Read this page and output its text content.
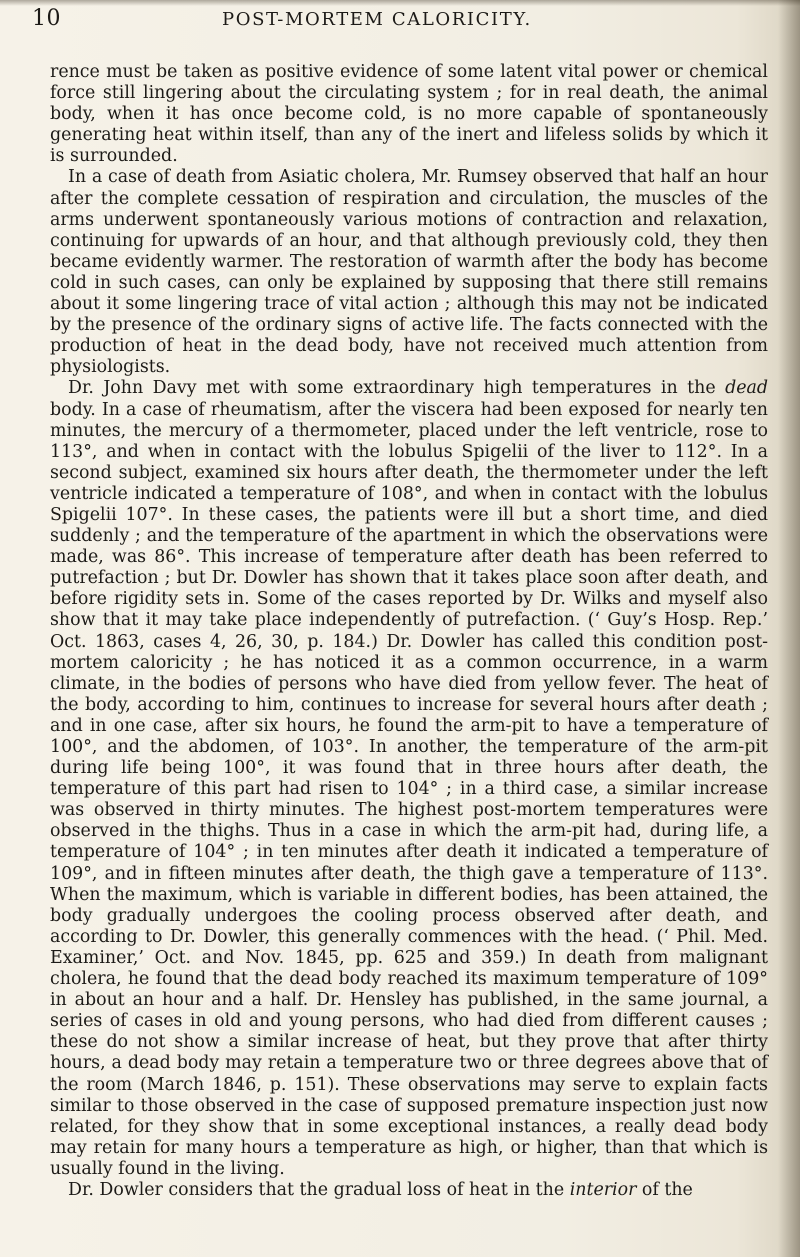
10	POST-MORTEM CALORICITY.

rence must be taken as positive evidence of some latent vital power or chemical force still lingering about the circulating system ; for in real death, the animal body, when it has once become cold, is no more capable of spontaneously generating heat within itself, than any of the inert and lifeless solids by which it is surrounded.

In a case of death from Asiatic cholera, Mr. Rumsey observed that half an hour after the complete cessation of respiration and circulation, the muscles of the arms underwent spontaneously various motions of contraction and relaxation, continuing for upwards of an hour, and that although previously cold, they then became evidently warmer. The restoration of warmth after the body has become cold in such cases, can only be explained by supposing that there still remains about it some lingering trace of vital action ; although this may not be indicated by the presence of the ordinary signs of active life. The facts connected with the production of heat in the dead body, have not received much attention from physiologists.

Dr. John Davy met with some extraordinary high temperatures in the dead body. In a case of rheumatism, after the viscera had been exposed for nearly ten minutes, the mercury of a thermometer, placed under the left ventricle, rose to 113°, and when in contact with the lobulus Spigelii of the liver to 112°. In a second subject, examined six hours after death, the thermometer under the left ventricle indicated a temperature of 108°, and when in contact with the lobulus Spigelii 107°. In these cases, the patients were ill but a short time, and died suddenly ; and the temperature of the apartment in which the observations were made, was 86°. This increase of temperature after death has been referred to putrefaction ; but Dr. Dowler has shown that it takes place soon after death, and before rigidity sets in. Some of the cases reported by Dr. Wilks and myself also show that it may take place independently of putrefaction. (‘ Guy’s Hosp. Rep.’ Oct. 1863, cases 4, 26, 30, p. 184.) Dr. Dowler has called this condition post-mortem caloricity ; he has noticed it as a common occurrence, in a warm climate, in the bodies of persons who have died from yellow fever. The heat of the body, according to him, continues to increase for several hours after death ; and in one case, after six hours, he found the arm-pit to have a temperature of 100°, and the abdomen, of 103°. In another, the temperature of the arm-pit during life being 100°, it was found that in three hours after death, the temperature of this part had risen to 104° ; in a third case, a similar increase was observed in thirty minutes. The highest post-mortem temperatures were observed in the thighs. Thus in a case in which the arm-pit had, during life, a temperature of 104° ; in ten minutes after death it indicated a temperature of 109°, and in fifteen minutes after death, the thigh gave a temperature of 113°. When the maximum, which is variable in different bodies, has been attained, the body gradually undergoes the cooling process observed after death, and according to Dr. Dowler, this generally commences with the head. (‘ Phil. Med. Examiner,’ Oct. and Nov. 1845, pp. 625 and 359.) In death from malignant cholera, he found that the dead body reached its maximum temperature of 109° in about an hour and a half. Dr. Hensley has published, in the same journal, a series of cases in old and young persons, who had died from different causes ; these do not show a similar increase of heat, but they prove that after thirty hours, a dead body may retain a temperature two or three degrees above that of the room (March 1846, p. 151). These observations may serve to explain facts similar to those observed in the case of supposed premature inspection just now related, for they show that in some exceptional instances, a really dead body may retain for many hours a temperature as high, or higher, than that which is usually found in the living.

Dr. Dowler considers that the gradual loss of heat in the interior of the
